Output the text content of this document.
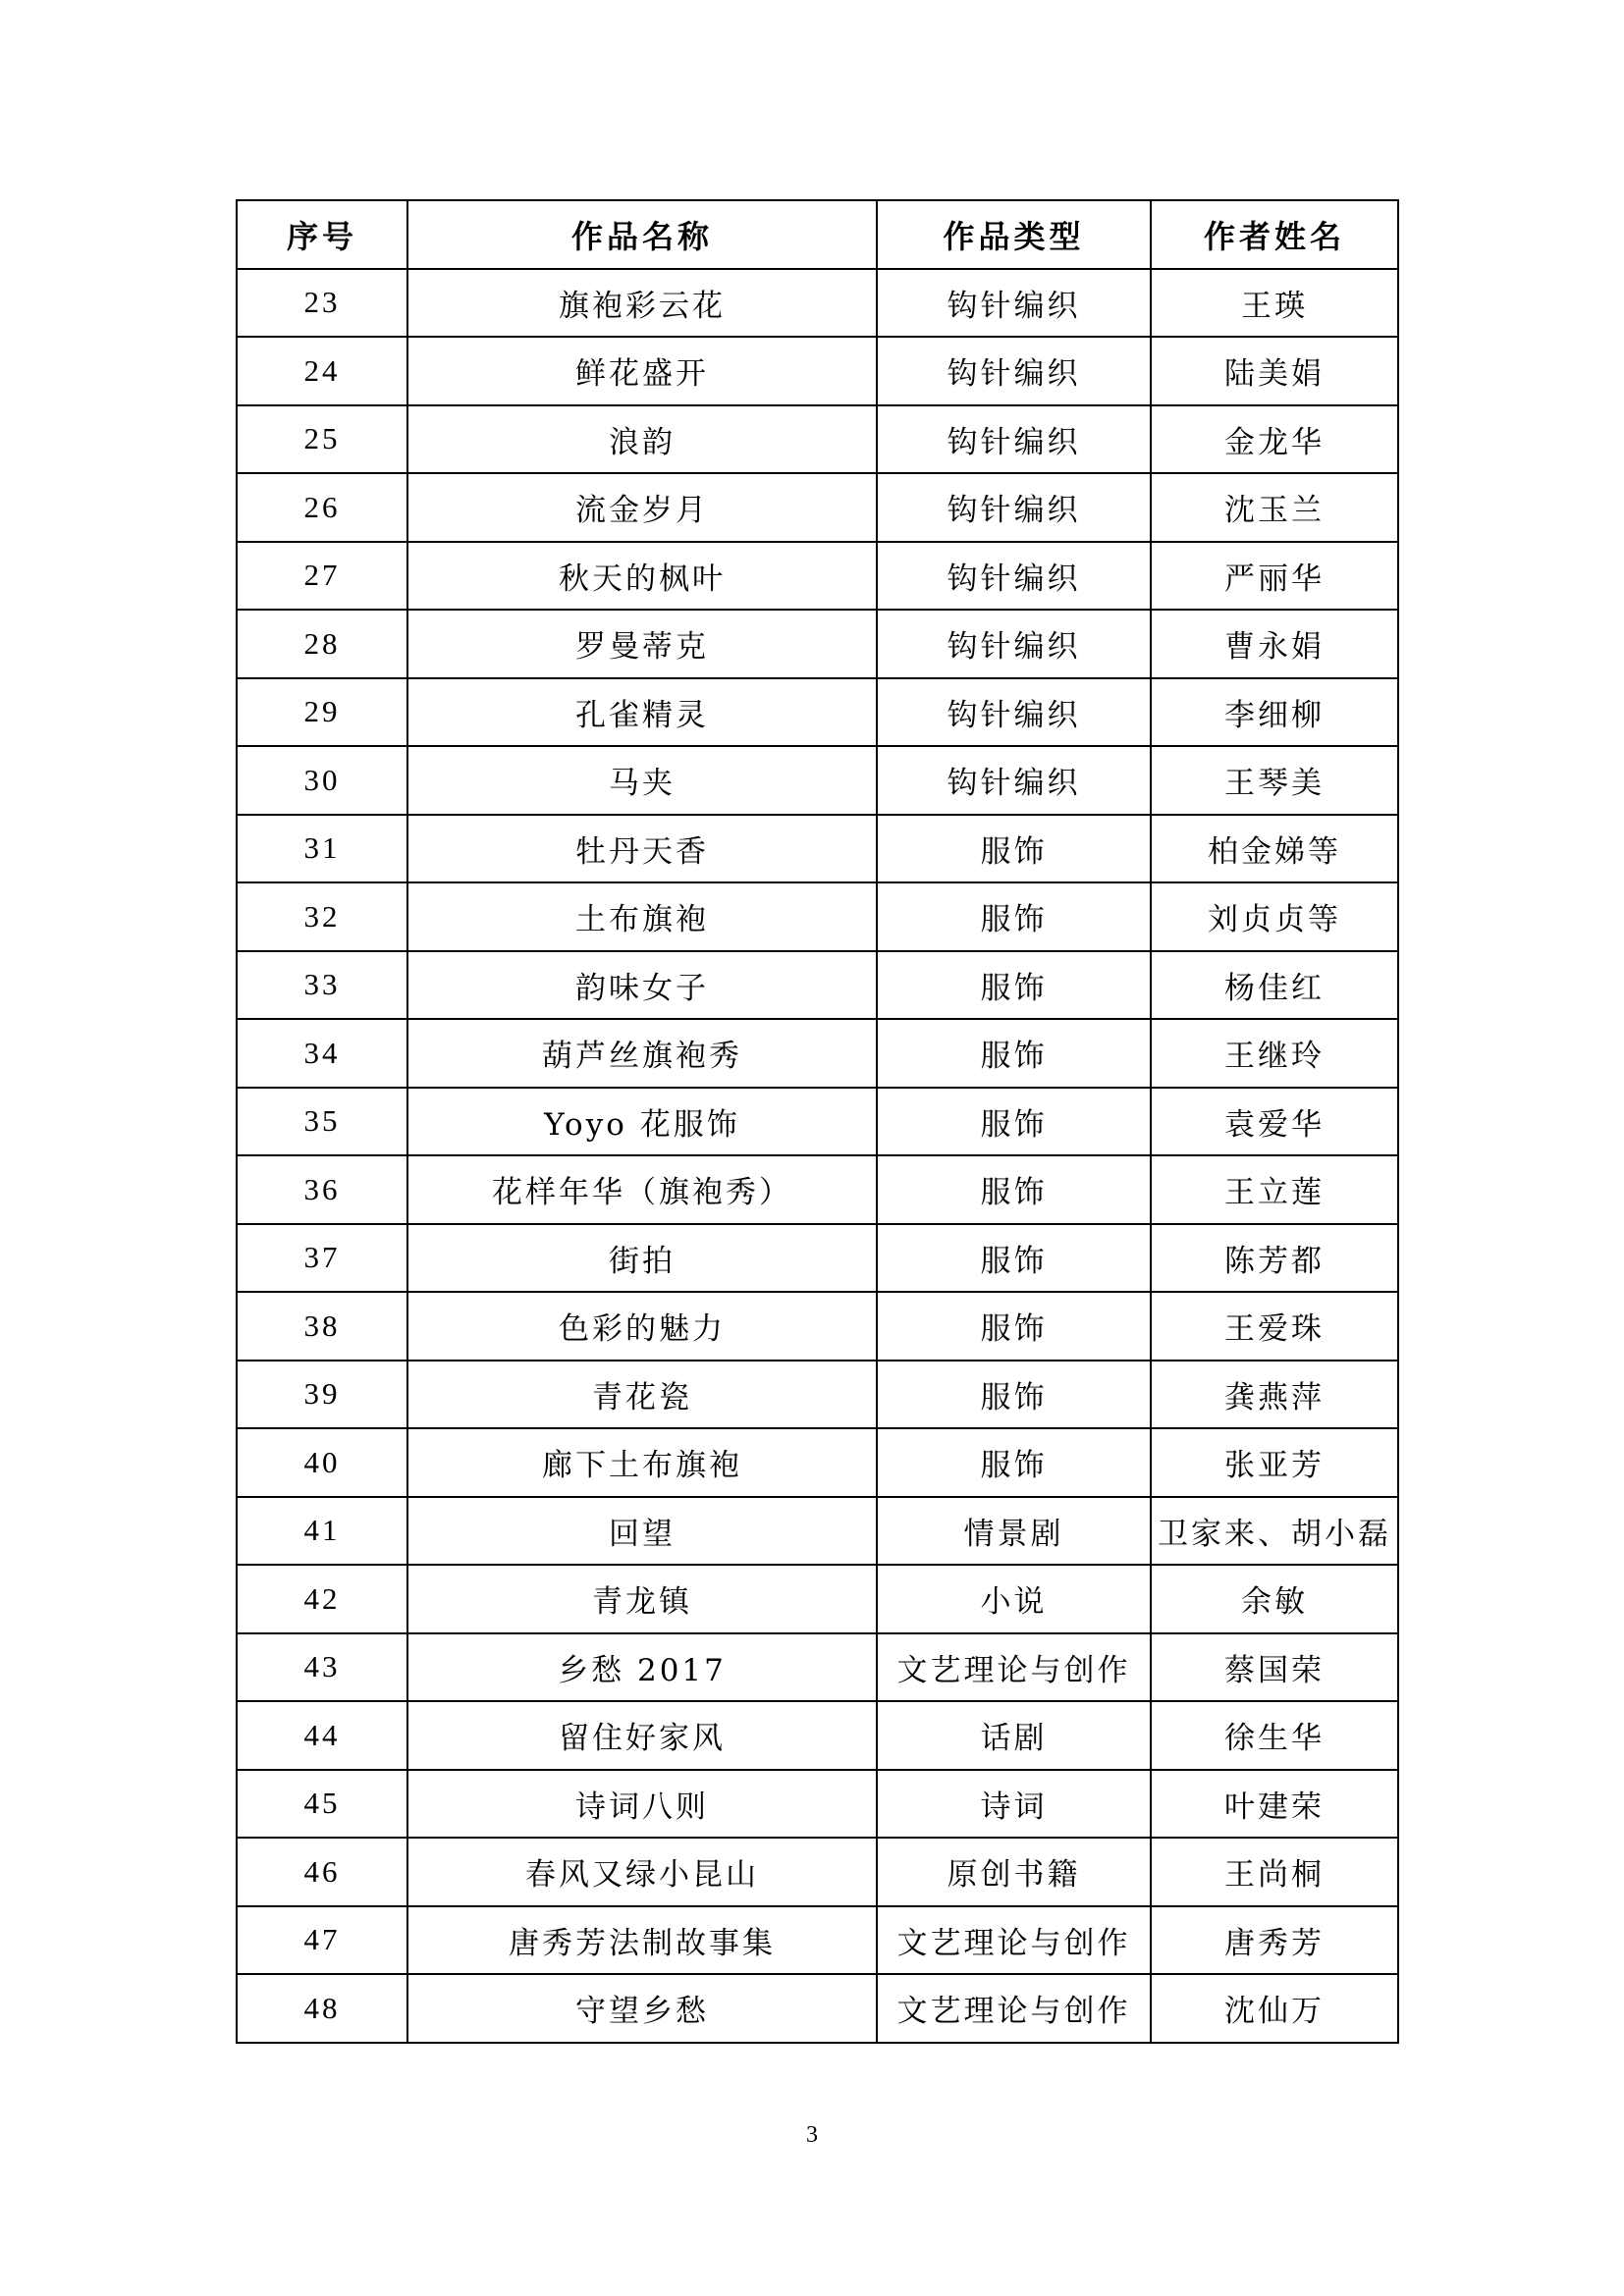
序号	作品名称	作品类型	作者姓名
23	旗袍彩云花	钩针编织	王瑛
24	鲜花盛开	钩针编织	陆美娟
25	浪韵	钩针编织	金龙华
26	流金岁月	钩针编织	沈玉兰
27	秋天的枫叶	钩针编织	严丽华
28	罗曼蒂克	钩针编织	曹永娟
29	孔雀精灵	钩针编织	李细柳
30	马夹	钩针编织	王琴美
31	牡丹天香	服饰	柏金娣等
32	土布旗袍	服饰	刘贞贞等
33	韵味女子	服饰	杨佳红
34	葫芦丝旗袍秀	服饰	王继玲
35	Yoyo 花服饰	服饰	袁爱华
36	花样年华（旗袍秀）	服饰	王立莲
37	街拍	服饰	陈芳都
38	色彩的魅力	服饰	王爱珠
39	青花瓷	服饰	龚燕萍
40	廊下土布旗袍	服饰	张亚芳
41	回望	情景剧	卫家来、胡小磊
42	青龙镇	小说	余敏
43	乡愁 2017	文艺理论与创作	蔡国荣
44	留住好家风	话剧	徐生华
45	诗词八则	诗词	叶建荣
46	春风又绿小昆山	原创书籍	王尚桐
47	唐秀芳法制故事集	文艺理论与创作	唐秀芳
48	守望乡愁	文艺理论与创作	沈仙万
3
